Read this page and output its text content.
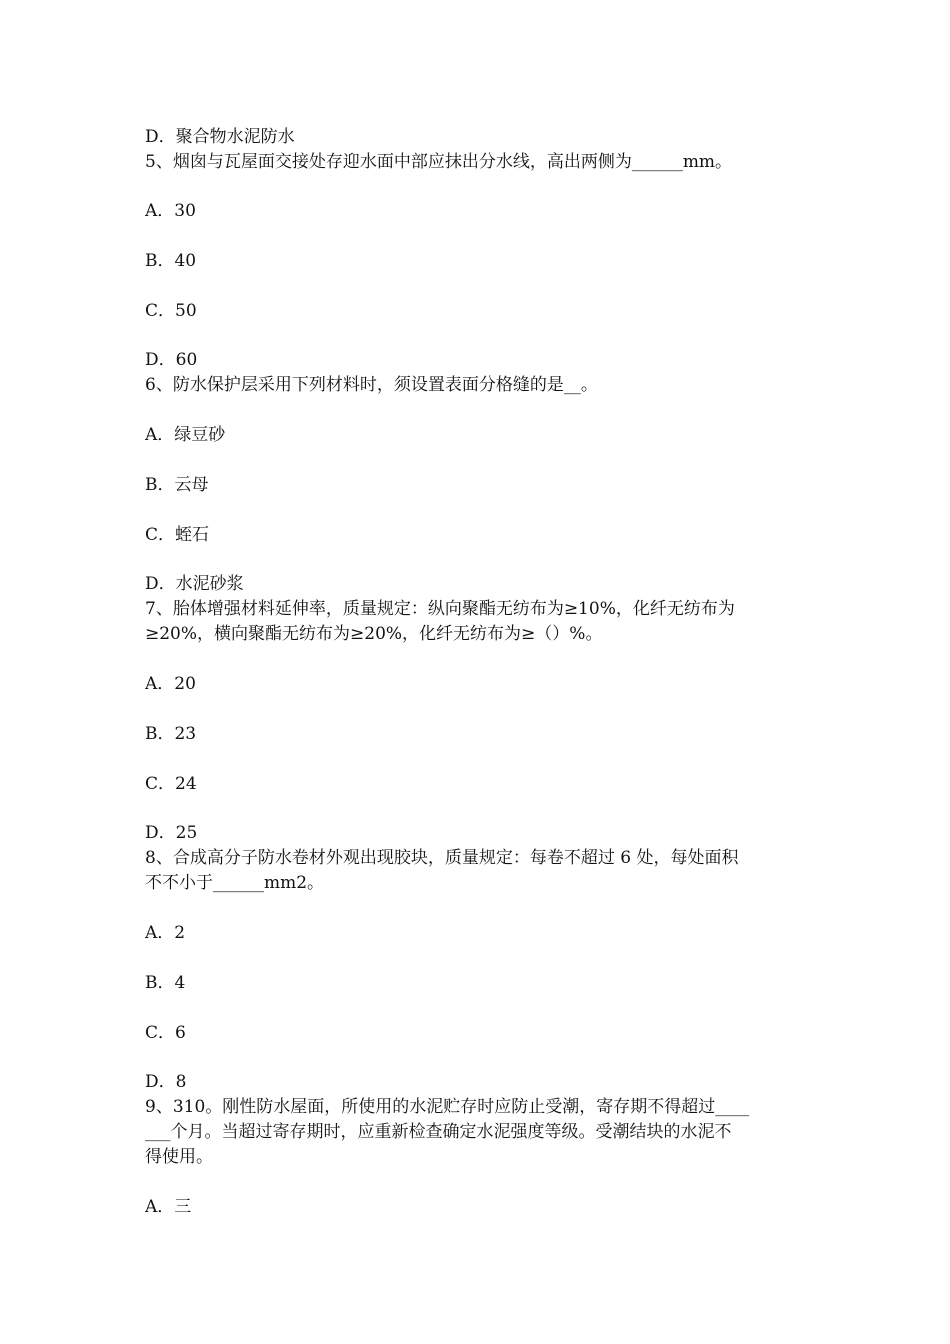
D．聚合物水泥防水
5、烟囱与瓦屋面交接处存迎水面中部应抹出分水线，高出两侧为______mm。
A．30
B．40
C．50
D．60
6、防水保护层采用下列材料时，须设置表面分格缝的是__。
A．绿豆砂
B．云母
C．蛭石
D．水泥砂浆
7、胎体增强材料延伸率，质量规定：纵向聚酯无纺布为≥10%，化纤无纺布为
≥20%，横向聚酯无纺布为≥20%，化纤无纺布为≥（）%。
A．20
B．23
C．24
D．25
8、合成高分子防水卷材外观出现胶块，质量规定：每卷不超过 6 处，每处面积
不不小于______mm2。
A．2
B．4
C．6
D．8
9、310。刚性防水屋面，所使用的水泥贮存时应防止受潮，寄存期不得超过____
___个月。当超过寄存期时，应重新检查确定水泥强度等级。受潮结块的水泥不
得使用。
A．三
